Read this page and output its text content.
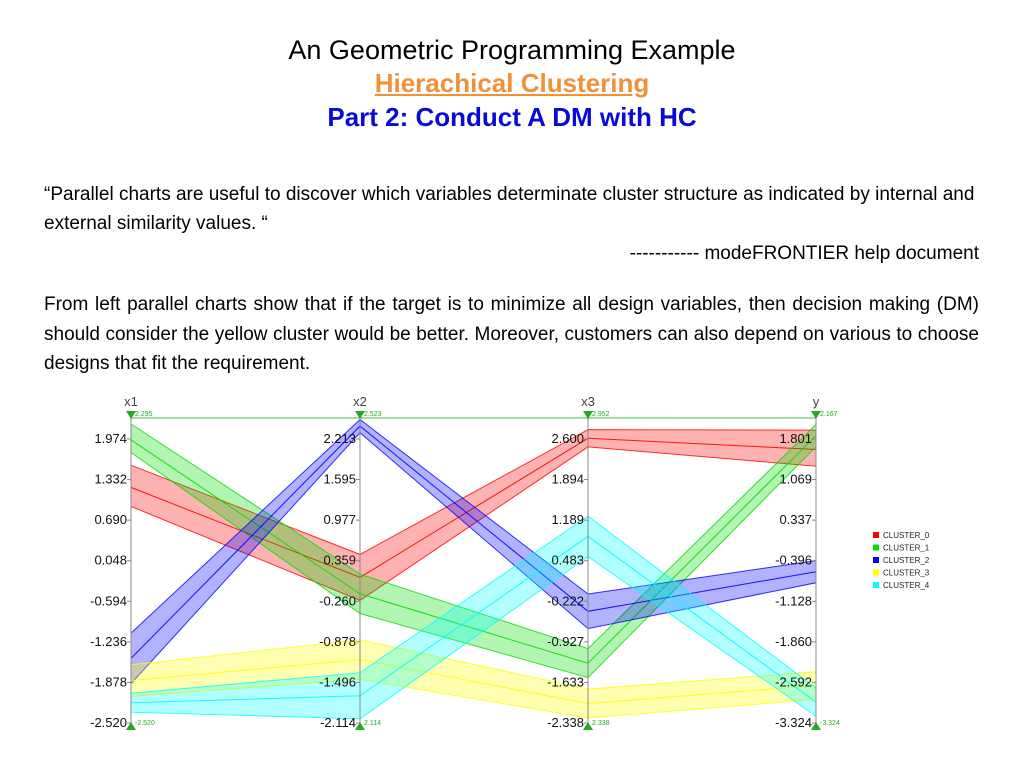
An Geometric Programming Example
Hierachical Clustering
Part 2: Conduct A DM with HC
“Parallel charts are useful to discover which variables determinate cluster structure as indicated by internal and external similarity values. “
----------- modeFRONTIER help document
From left parallel charts show that if the target is to minimize all design variables, then decision making (DM) should consider the yellow cluster would be better. Moreover, customers can also depend on various to choose designs that fit the requirement.
x1
2.295
-2.520
1.974
1.332
0.690
0.048
-0.594
-1.236
-1.878
-2.520
x2
2.523
2.114
2.213
1.595
0.977
0.359
-0.260
-0.878
-1.496
-2.114
x3
2.952
2.338
2.600
1.894
1.189
0.483
-0.222
-0.927
-1.633
-2.338
y
2.167
-3.324
1.801
1.069
0.337
-0.396
-1.128
-1.860
-2.592
-3.324
CLUSTER_0
CLUSTER_1
CLUSTER_2
CLUSTER_3
CLUSTER_4
